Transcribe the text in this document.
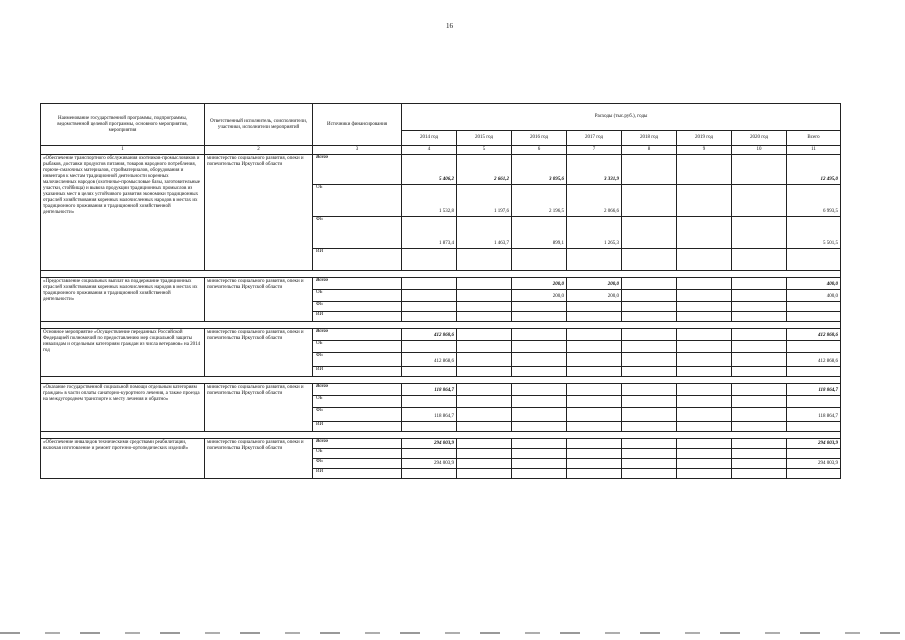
16
Наименование государственной программы, подпрограммы, ведомственной целевой программы, основного мероприятия, мероприятия	Ответственный исполнитель, соисполнители, участники, исполнители мероприятий	Источники финансирования	Расходы (тыс.руб.), годы							
			2014 год	2015 год	2016 год	2017 год	2018 год	2019 год	2020 год	Всего
1	2	3	4	5	6	7	8	9	10	11
«Обеспечение транспортного обслуживания охотников-промысловиков и рыбаков, доставки продуктов питания, товаров народного потребления, горюче-смазочных материалов, стройматериалов, оборудования и инвентаря к местам традиционной деятельности коренных малочисленных народов (охотничье-промысловые базы, заготовительные участки, стойбища) и вывоза продукции традиционных промыслов из указанных мест в целях устойчивого развития экономики традиционных отраслей хозяйствования коренных малочисленных народов в местах их традиционного проживания и традиционной хозяйственной деятельности»	министерство социального развития, опеки и попечительства Иркутской области	Всего	5 406,2	2 661,2	3 095,6	3 331,9				12 495,0
		ОБ	1 532,8	1 197,6	2 196,5	2 066,6				6 993,5
		ФБ	1 873,4	1 463,7	899,1	1 265,3				5 501,5
		ИИ								

«Предоставление социальных выплат на поддержание традиционных отраслей хозяйствования коренных малочисленных народов в местах их традиционного проживания и традиционной хозяйственной деятельности»	министерство социального развития, опеки и попечительства Иркутской области	Всего			200,0	200,0				400,0
		ОБ			200,0	200,0				400,0
		ФБ								
		ИИ								

Основное мероприятие «Осуществление переданных Российской Федерацией полномочий по предоставлению мер социальной защиты инвалидам и отдельным категориям граждан из числа ветеранов» на 2014 год	министерство социального развития, опеки и попечительства Иркутской области	Всего	412 868,6							412 868,6
		ОБ								
		ФБ	412 868,6							412 868,6
		ИИ								

«Оказание государственной социальной помощи отдельным категориям граждан» в части оплаты санаторно-курортного лечения, а также проезда на междугороднем транспорте к месту лечения и обратно»	министерство социального развития, опеки и попечительства Иркутской области	Всего	118 864,7							118 864,7
		ОБ								
		ФБ	118 864,7							118 864,7
		ИИ								

«Обеспечение инвалидов техническими средствами реабилитации, включая изготовление и ремонт протезно-ортопедических изделий»	министерство социального развития, опеки и попечительства Иркутской области	Всего	294 003,9							294 003,9
		ОБ								
		ФБ	294 003,9							294 003,9
		ИИ								
